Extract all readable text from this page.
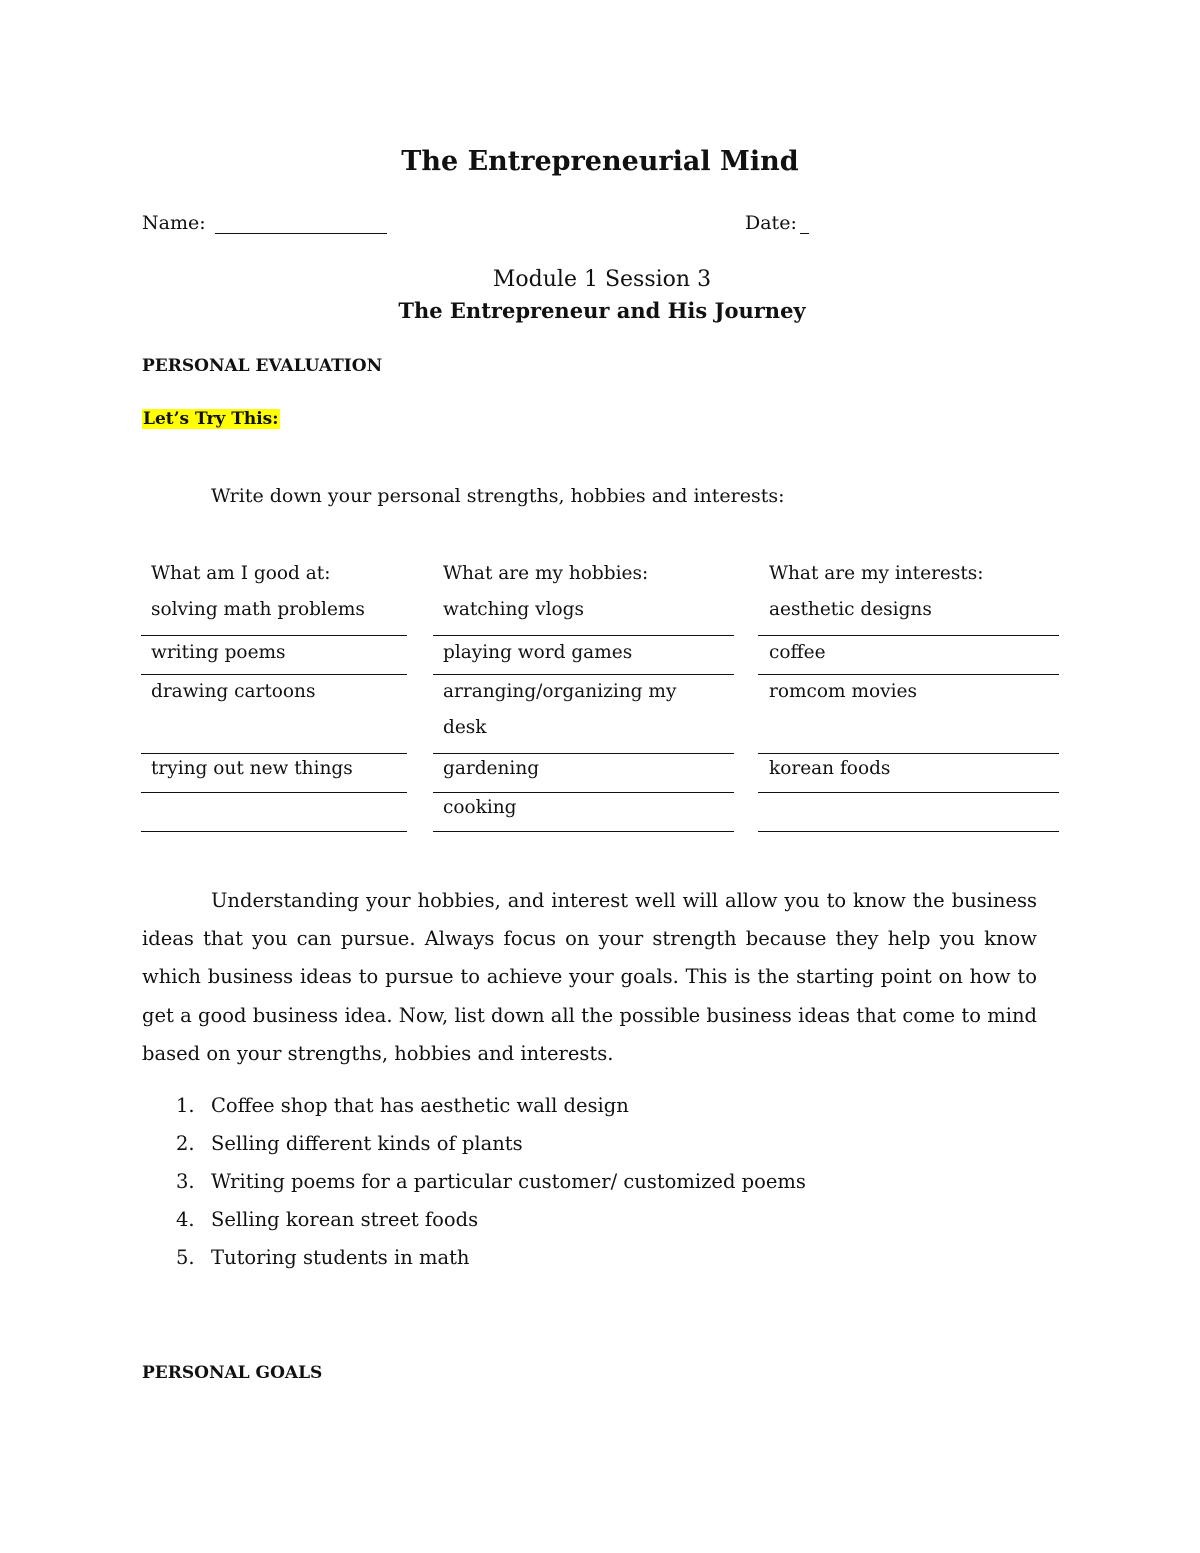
The Entrepreneurial Mind
Name:	Date:
Module 1 Session 3
The Entrepreneur and His Journey
PERSONAL EVALUATION
Let’s Try This:
Write down your personal strengths, hobbies and interests:
What am I good at:
solving math problems
writing poems
drawing cartoons
trying out new things
What are my hobbies:
watching vlogs
playing word games
arranging/organizing my
desk
gardening
cooking
What are my interests:
aesthetic designs
coffee
romcom movies
korean foods
Understanding your hobbies, and interest well will allow you to know the business ideas that you can pursue. Always focus on your strength because they help you know which business ideas to pursue to achieve your goals. This is the starting point on how to get a good business idea. Now, list down all the possible business ideas that come to mind based on your strengths, hobbies and interests.
1. Coffee shop that has aesthetic wall design
2. Selling different kinds of plants
3. Writing poems for a particular customer/ customized poems
4. Selling korean street foods
5. Tutoring students in math
PERSONAL GOALS
